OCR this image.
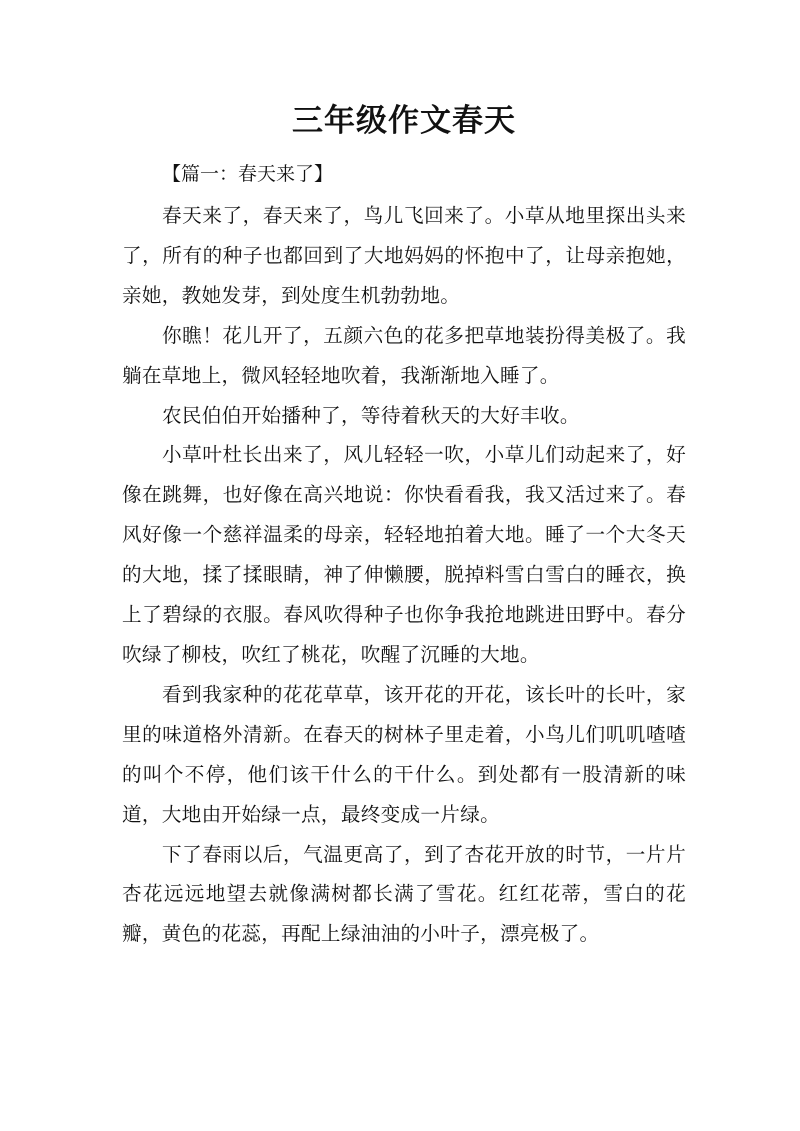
三年级作文春天
【篇一：春天来了】

春天来了，春天来了，鸟儿飞回来了。小草从地里探出头来了，所有的种子也都回到了大地妈妈的怀抱中了，让母亲抱她，亲她，教她发芽，到处度生机勃勃地。

你瞧！花儿开了，五颜六色的花多把草地装扮得美极了。我躺在草地上，微风轻轻地吹着，我渐渐地入睡了。

农民伯伯开始播种了，等待着秋天的大好丰收。

小草叶杜长出来了，风儿轻轻一吹，小草儿们动起来了，好像在跳舞，也好像在高兴地说：你快看看我，我又活过来了。春风好像一个慈祥温柔的母亲，轻轻地拍着大地。睡了一个大冬天的大地，揉了揉眼睛，神了伸懒腰，脱掉料雪白雪白的睡衣，换上了碧绿的衣服。春风吹得种子也你争我抢地跳进田野中。春分吹绿了柳枝，吹红了桃花，吹醒了沉睡的大地。

看到我家种的花花草草，该开花的开花，该长叶的长叶，家里的味道格外清新。在春天的树林子里走着，小鸟儿们叽叽喳喳的叫个不停，他们该干什么的干什么。到处都有一股清新的味道，大地由开始绿一点，最终变成一片绿。

下了春雨以后，气温更高了，到了杏花开放的时节，一片片杏花远远地望去就像满树都长满了雪花。红红花蒂，雪白的花瓣，黄色的花蕊，再配上绿油油的小叶子，漂亮极了。
